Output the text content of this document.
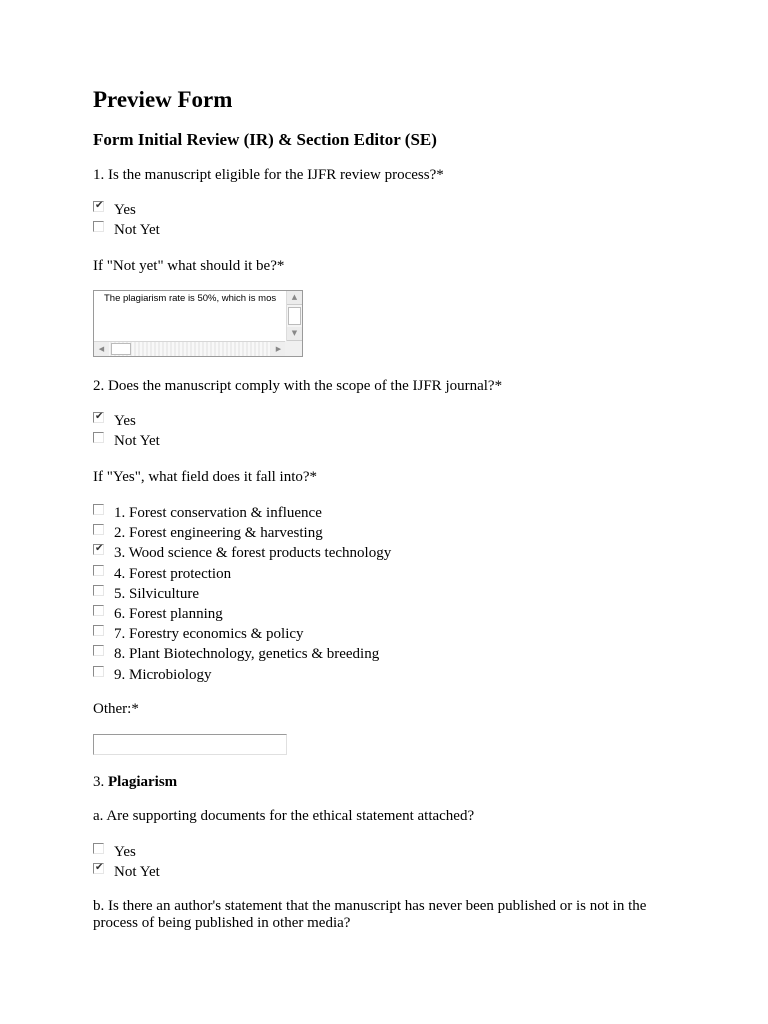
Preview Form
Form Initial Review (IR) & Section Editor (SE)
1. Is the manuscript eligible for the IJFR review process?*
✔ Yes
Not Yet
If "Not yet" what should it be?*
The plagiarism rate is 50%, which is mos	▲
▼
◀	▶
2. Does the manuscript comply with the scope of the IJFR journal?*
✔ Yes
Not Yet
If "Yes", what field does it fall into?*
1. Forest conservation & influence
2. Forest engineering & harvesting
✔ 3. Wood science & forest products technology
4. Forest protection
5. Silviculture
6. Forest planning
7. Forestry economics & policy
8. Plant Biotechnology, genetics & breeding
9. Microbiology
Other:*
3. Plagiarism
a. Are supporting documents for the ethical statement attached?
Yes
✔ Not Yet
b. Is there an author's statement that the manuscript has never been published or is not in the process of being published in other media?
